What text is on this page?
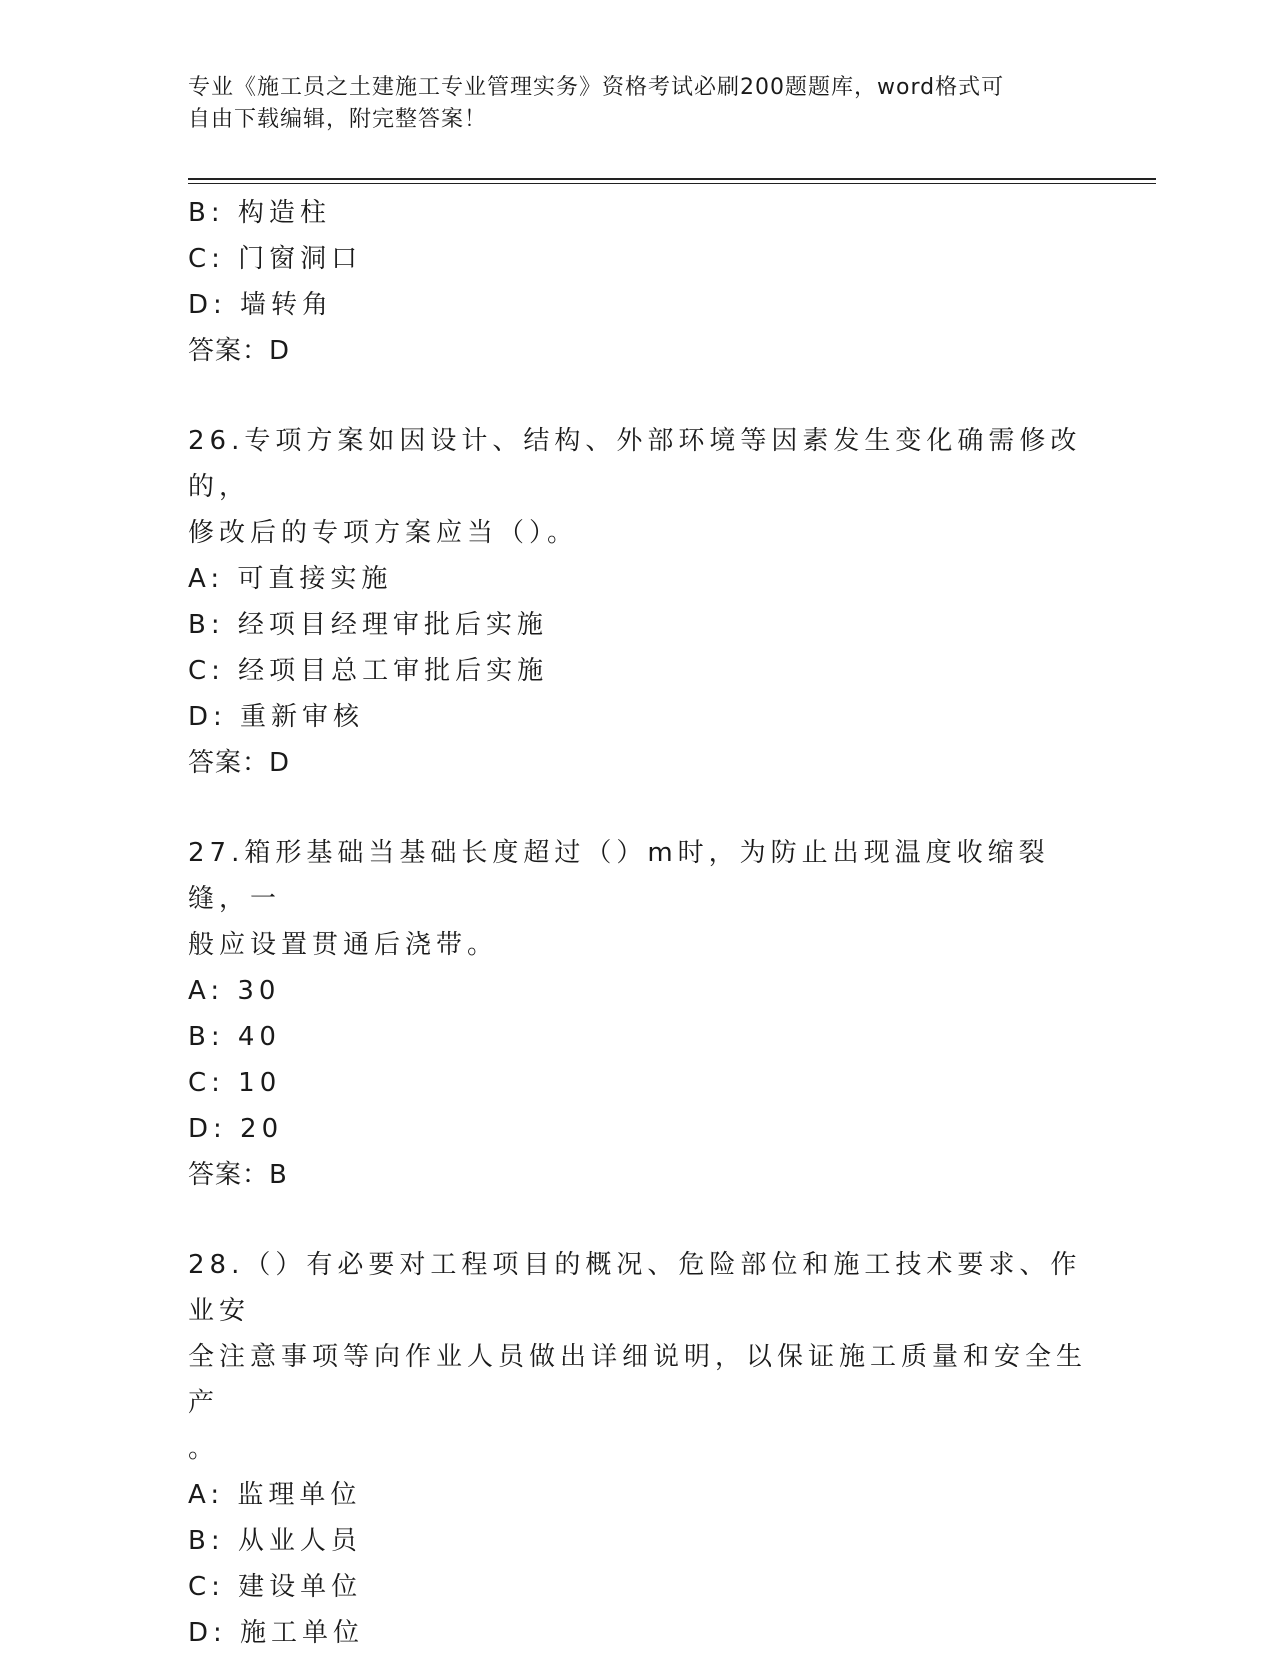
专业《施工员之土建施工专业管理实务》资格考试必刷200题题库，word格式可
自由下载编辑，附完整答案！
B: 构造柱
C: 门窗洞口
D: 墙转角
答案：D
26.专项方案如因设计、结构、外部环境等因素发生变化确需修改的，
修改后的专项方案应当（）。
A: 可直接实施
B: 经项目经理审批后实施
C: 经项目总工审批后实施
D: 重新审核
答案：D
27.箱形基础当基础长度超过（）m时，为防止出现温度收缩裂缝，一
般应设置贯通后浇带。
A: 30
B: 40
C: 10
D: 20
答案：B
28.（）有必要对工程项目的概况、危险部位和施工技术要求、作业安
全注意事项等向作业人员做出详细说明，以保证施工质量和安全生产
。
A: 监理单位
B: 从业人员
C: 建设单位
D: 施工单位
